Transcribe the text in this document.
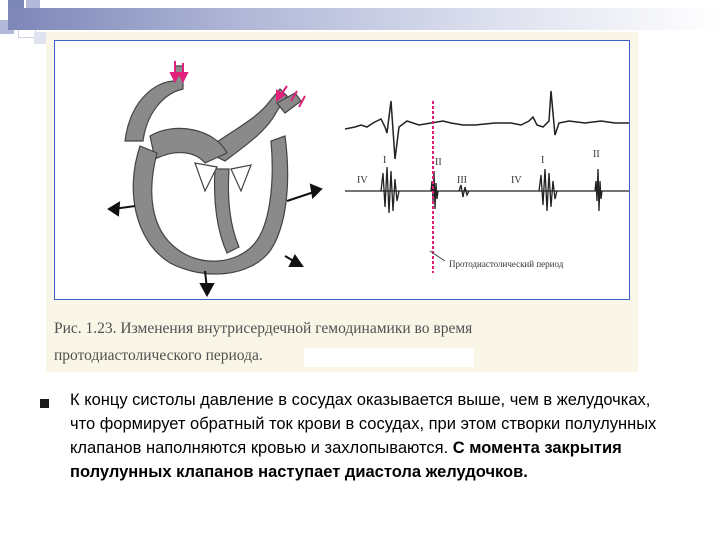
I	II
III
IV
I
IV
II
Протодиастолический период

Рис. 1.23. Изменения внутрисердечной гемодинамики во время
протодиастолического периода.

К концу систолы давление в сосудах оказывается выше, чем в желудочках, что формирует обратный ток крови в сосудах, при этом створки полулунных клапанов наполняются кровью и захлопываются. С момента закрытия полулунных клапанов наступает диастола желудочков.
